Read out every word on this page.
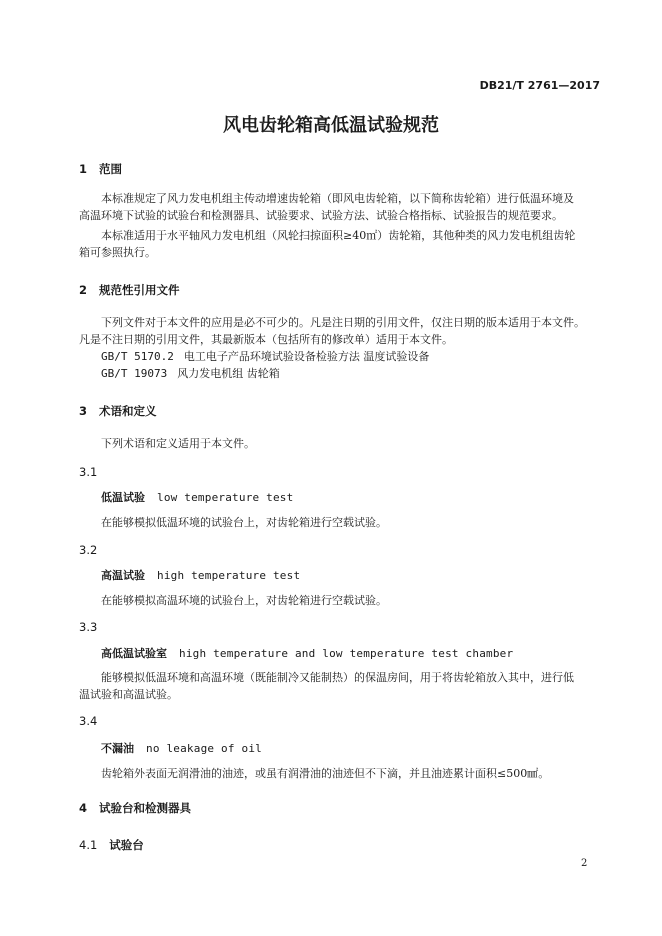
DB21/T 2761—2017
风电齿轮箱高低温试验规范
1 范围
本标准规定了风力发电机组主传动增速齿轮箱（即风电齿轮箱，以下简称齿轮箱）进行低温环境及
高温环境下试验的试验台和检测器具、试验要求、试验方法、试验合格指标、试验报告的规范要求。
本标准适用于水平轴风力发电机组（风轮扫掠面积≥40㎡）齿轮箱，其他种类的风力发电机组齿轮
箱可参照执行。
2 规范性引用文件
下列文件对于本文件的应用是必不可少的。凡是注日期的引用文件，仅注日期的版本适用于本文件。
凡是不注日期的引用文件，其最新版本（包括所有的修改单）适用于本文件。
GB/T 5170.2 电工电子产品环境试验设备检验方法 温度试验设备
GB/T 19073 风力发电机组 齿轮箱
3 术语和定义
下列术语和定义适用于本文件。
3.1
低温试验 low temperature test
在能够模拟低温环境的试验台上，对齿轮箱进行空载试验。
3.2
高温试验 high temperature test
在能够模拟高温环境的试验台上，对齿轮箱进行空载试验。
3.3
高低温试验室 high temperature and low temperature test chamber
能够模拟低温环境和高温环境（既能制冷又能制热）的保温房间，用于将齿轮箱放入其中，进行低
温试验和高温试验。
3.4
不漏油 no leakage of oil
齿轮箱外表面无润滑油的油迹，或虽有润滑油的油迹但不下滴，并且油迹累计面积≤500㎟。
4 试验台和检测器具
4.1 试验台
2
